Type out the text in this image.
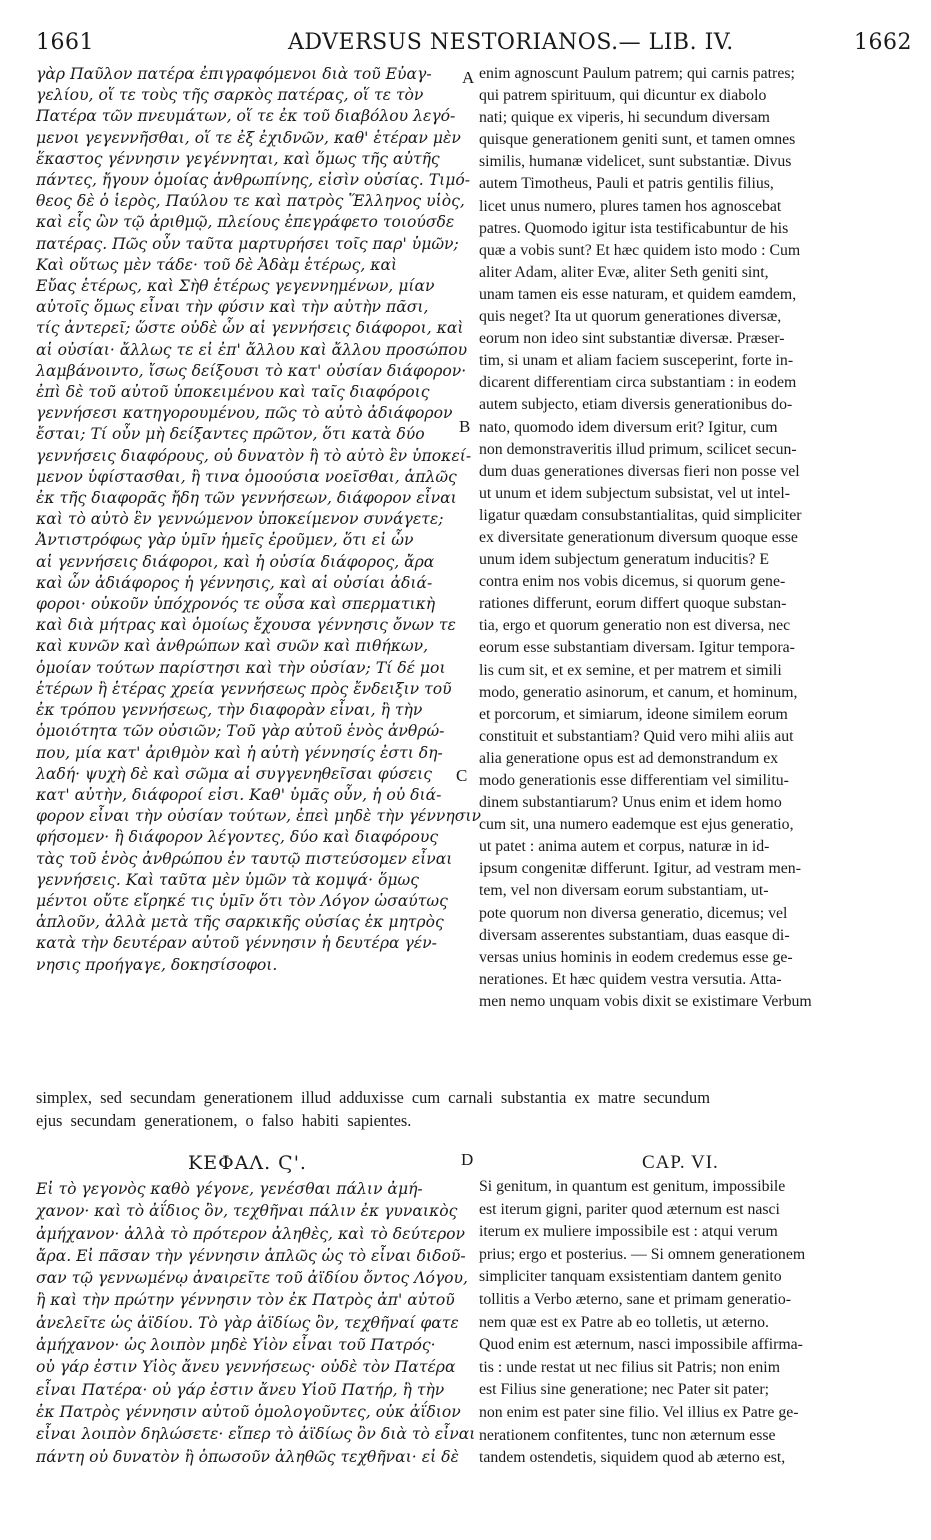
1661	ADVERSUS NESTORIANOS.— LIB. IV.	1662
A
B
C
D
γὰρ Παῦλον πατέρα ἐπιγραφόμενοι διὰ τοῦ Εὐαγ-
γελίου, οἵ τε τοὺς τῆς σαρκὸς πατέρας, οἵ τε τὸν
Πατέρα τῶν πνευμάτων, οἵ τε ἐκ τοῦ διαβόλου λεγό-
μενοι γεγεννῆσθαι, οἵ τε ἐξ ἐχιδνῶν, καθ' ἑτέραν μὲν
ἕκαστος γέννησιν γεγέννηται, καὶ ὅμως τῆς αὐτῆς
πάντες, ἤγουν ὁμοίας ἀνθρωπίνης, εἰσὶν οὐσίας. Τιμό-
θεος δὲ ὁ ἱερὸς, Παύλου τε καὶ πατρὸς Ἕλληνος υἱὸς,
καὶ εἷς ὢν τῷ ἀριθμῷ, πλείους ἐπεγράφετο τοιούσδε
πατέρας. Πῶς οὖν ταῦτα μαρτυρήσει τοῖς παρ' ὑμῶν;
Καὶ οὕτως μὲν τάδε· τοῦ δὲ Ἀδὰμ ἑτέρως, καὶ
Εὔας ἑτέρως, καὶ Σὴθ ἑτέρως γεγεννημένων, μίαν
αὐτοῖς ὅμως εἶναι τὴν φύσιν καὶ τὴν αὐτὴν πᾶσι,
τίς ἀντερεῖ; ὥστε οὐδὲ ὧν αἱ γεννήσεις διάφοροι, καὶ
αἱ οὐσίαι· ἄλλως τε εἰ ἐπ' ἄλλου καὶ ἄλλου προσώπου
λαμβάνοιντο, ἴσως δείξουσι τὸ κατ' οὐσίαν διάφορον·
ἐπὶ δὲ τοῦ αὐτοῦ ὑποκειμένου καὶ ταῖς διαφόροις
γεννήσεσι κατηγορουμένου, πῶς τὸ αὐτὸ ἀδιάφορον
ἔσται; Τί οὖν μὴ δείξαντες πρῶτον, ὅτι κατὰ δύο
γεννήσεις διαφόρους, οὐ δυνατὸν ἢ τὸ αὐτὸ ἓν ὑποκεί-
μενον ὑφίστασθαι, ἢ τινα ὁμοούσια νοεῖσθαι, ἁπλῶς
ἐκ τῆς διαφορᾶς ἤδη τῶν γεννήσεων, διάφορον εἶναι
καὶ τὸ αὐτὸ ἓν γεννώμενον ὑποκείμενον συνάγετε;
Ἀντιστρόφως γὰρ ὑμῖν ἡμεῖς ἐροῦμεν, ὅτι εἰ ὧν
αἱ γεννήσεις διάφοροι, καὶ ἡ οὐσία διάφορος, ἄρα
καὶ ὧν ἀδιάφορος ἡ γέννησις, καὶ αἱ οὐσίαι ἀδιά-
φοροι· οὐκοῦν ὑπόχρονός τε οὖσα καὶ σπερματικὴ
καὶ διὰ μήτρας καὶ ὁμοίως ἔχουσα γέννησις ὄνων τε
καὶ κυνῶν καὶ ἀνθρώπων καὶ συῶν καὶ πιθήκων,
ὁμοίαν τούτων παρίστησι καὶ τὴν οὐσίαν; Τί δέ μοι
ἑτέρων ἢ ἑτέρας χρεία γεννήσεως πρὸς ἔνδειξιν τοῦ
ἐκ τρόπου γεννήσεως, τὴν διαφορὰν εἶναι, ἢ τὴν
ὁμοιότητα τῶν οὐσιῶν; Τοῦ γὰρ αὐτοῦ ἑνὸς ἀνθρώ-
που, μία κατ' ἀριθμὸν καὶ ἡ αὐτὴ γέννησίς ἐστι δη-
λαδή· ψυχὴ δὲ καὶ σῶμα αἱ συγγενηθεῖσαι φύσεις
κατ' αὐτὴν, διάφοροί εἰσι. Καθ' ὑμᾶς οὖν, ἡ οὐ διά-
φορον εἶναι τὴν οὐσίαν τούτων, ἐπεὶ μηδὲ τὴν γέννησιν
φήσομεν· ἢ διάφορον λέγοντες, δύο καὶ διαφόρους
τὰς τοῦ ἑνὸς ἀνθρώπου ἐν ταυτῷ πιστεύσομεν εἶναι
γεννήσεις. Καὶ ταῦτα μὲν ὑμῶν τὰ κομψά· ὅμως
μέντοι οὔτε εἴρηκέ τις ὑμῖν ὅτι τὸν Λόγον ὡσαύτως
ἁπλοῦν, ἀλλὰ μετὰ τῆς σαρκικῆς οὐσίας ἐκ μητρὸς
κατὰ τὴν δευτέραν αὐτοῦ γέννησιν ἡ δευτέρα γέν-
νησις προήγαγε, δοκησίσοφοι.
enim agnoscunt Paulum patrem; qui carnis patres;
qui patrem spirituum, qui dicuntur ex diabolo
nati; quique ex viperis, hi secundum diversam
quisque generationem geniti sunt, et tamen omnes
similis, humanæ videlicet, sunt substantiæ. Divus
autem Timotheus, Pauli et patris gentilis filius,
licet unus numero, plures tamen hos agnoscebat
patres. Quomodo igitur ista testificabuntur de his
quæ a vobis sunt? Et hæc quidem isto modo : Cum
aliter Adam, aliter Evæ, aliter Seth geniti sint,
unam tamen eis esse naturam, et quidem eamdem,
quis neget? Ita ut quorum generationes diversæ,
eorum non ideo sint substantiæ diversæ. Præser-
tim, si unam et aliam faciem susceperint, forte in-
dicarent differentiam circa substantiam : in eodem
autem subjecto, etiam diversis generationibus do-
nato, quomodo idem diversum erit? Igitur, cum
non demonstraveritis illud primum, scilicet secun-
dum duas generationes diversas fieri non posse vel
ut unum et idem subjectum subsistat, vel ut intel-
ligatur quædam consubstantialitas, quid simpliciter
ex diversitate generationum diversum quoque esse
unum idem subjectum generatum inducitis? E
contra enim nos vobis dicemus, si quorum gene-
rationes differunt, eorum differt quoque substan-
tia, ergo et quorum generatio non est diversa, nec
eorum esse substantiam diversam. Igitur tempora-
lis cum sit, et ex semine, et per matrem et simili
modo, generatio asinorum, et canum, et hominum,
et porcorum, et simiarum, ideone similem eorum
constituit et substantiam? Quid vero mihi aliis aut
alia generatione opus est ad demonstrandum ex
modo generationis esse differentiam vel similitu-
dinem substantiarum? Unus enim et idem homo
cum sit, una numero eademque est ejus generatio,
ut patet : anima autem et corpus, naturæ in id-
ipsum congenitæ differunt. Igitur, ad vestram men-
tem, vel non diversam eorum substantiam, ut-
pote quorum non diversa generatio, dicemus; vel
diversam asserentes substantiam, duas easque di-
versas unius hominis in eodem credemus esse ge-
nerationes. Et hæc quidem vestra versutia. Atta-
men nemo unquam vobis dixit se existimare Verbum
simplex, sed secundam generationem illud adduxisse cum carnali substantia ex matre secundum
ejus secundam generationem, o falso habiti sapientes.
ΚΕΦΑΛ. Ϛ'.	CAP. VI.
Εἰ τὸ γεγονὸς καθὸ γέγονε, γενέσθαι πάλιν ἀμή-
χανον· καὶ τὸ ἀΐδιος ὂν, τεχθῆναι πάλιν ἐκ γυναικὸς
ἀμήχανον· ἀλλὰ τὸ πρότερον ἀληθὲς, καὶ τὸ δεύτερον
ἄρα. Εἰ πᾶσαν τὴν γέννησιν ἁπλῶς ὡς τὸ εἶναι διδοῦ-
σαν τῷ γεννωμένῳ ἀναιρεῖτε τοῦ ἀϊδίου ὄντος Λόγου,
ἢ καὶ τὴν πρώτην γέννησιν τὸν ἐκ Πατρὸς ἀπ' αὐτοῦ
ἀνελεῖτε ὡς ἀϊδίου. Τὸ γὰρ ἀϊδίως ὂν, τεχθῆναί φατε
ἀμήχανον· ὡς λοιπὸν μηδὲ Υἱὸν εἶναι τοῦ Πατρός·
οὐ γάρ ἐστιν Υἱὸς ἄνευ γεννήσεως· οὐδὲ τὸν Πατέρα
εἶναι Πατέρα· οὐ γάρ ἐστιν ἄνευ Υἱοῦ Πατήρ, ἢ τὴν
ἐκ Πατρὸς γέννησιν αὐτοῦ ὁμολογοῦντες, οὐκ ἀΐδιον
εἶναι λοιπὸν δηλώσετε· εἴπερ τὸ ἀϊδίως ὂν διὰ τὸ εἶναι
πάντη οὐ δυνατὸν ἢ ὁπωσοῦν ἀληθῶς τεχθῆναι· εἰ δὲ
Si genitum, in quantum est genitum, impossibile
est iterum gigni, pariter quod æternum est nasci
iterum ex muliere impossibile est : atqui verum
prius; ergo et posterius. — Si omnem generationem
simpliciter tanquam exsistentiam dantem genito
tollitis a Verbo æterno, sane et primam generatio-
nem quæ est ex Patre ab eo tolletis, ut æterno.
Quod enim est æternum, nasci impossibile affirma-
tis : unde restat ut nec filius sit Patris; non enim
est Filius sine generatione; nec Pater sit pater;
non enim est pater sine filio. Vel illius ex Patre ge-
nerationem confitentes, tunc non æternum esse
tandem ostendetis, siquidem quod ab æterno est,
